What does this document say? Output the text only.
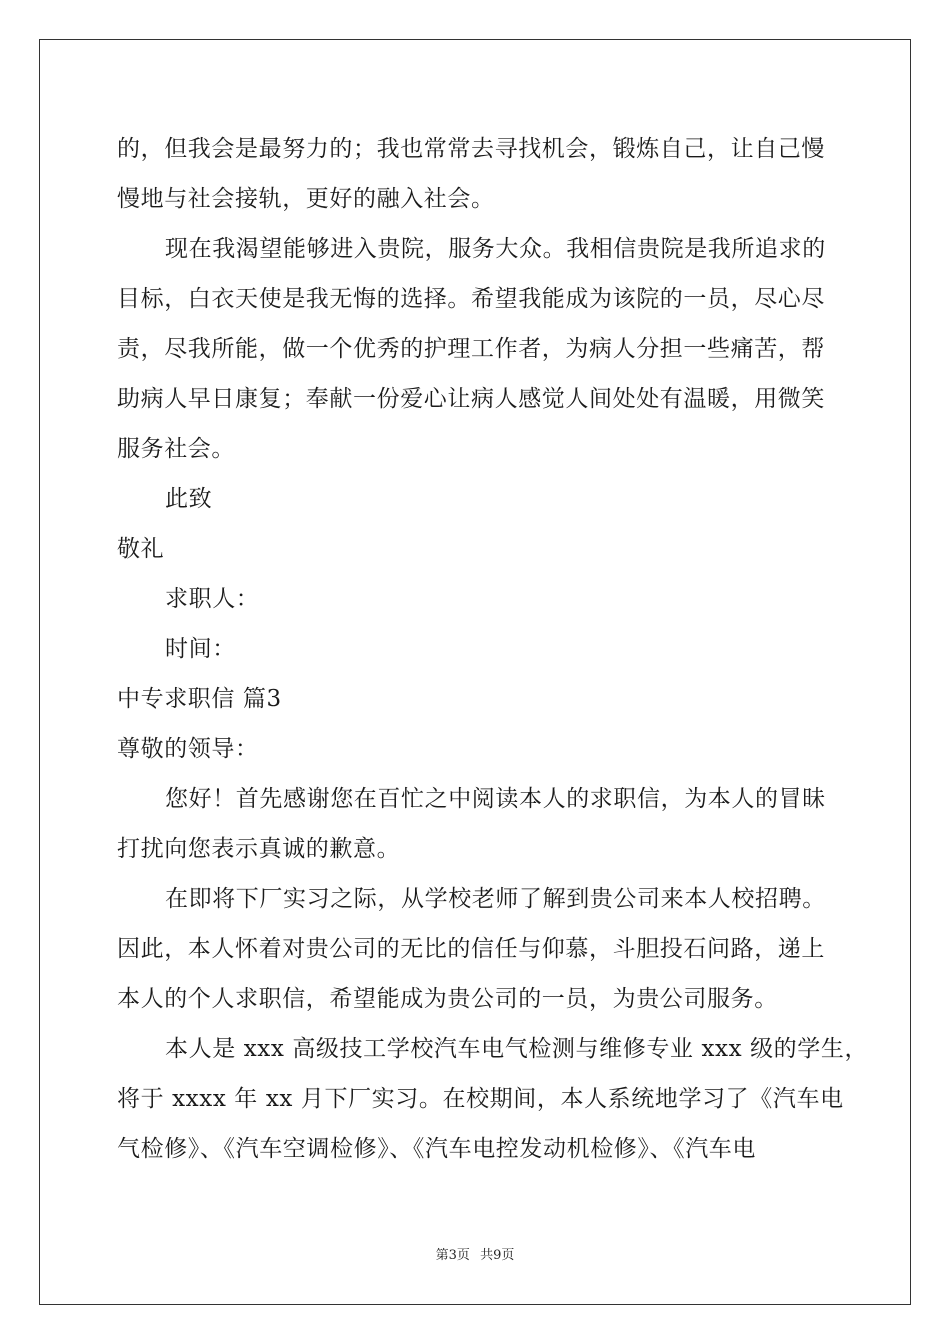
的，但我会是最努力的；我也常常去寻找机会，锻炼自己，让自己慢
慢地与社会接轨，更好的融入社会。
现在我渴望能够进入贵院，服务大众。我相信贵院是我所追求的
目标，白衣天使是我无悔的选择。希望我能成为该院的一员，尽心尽
责，尽我所能，做一个优秀的护理工作者，为病人分担一些痛苦，帮
助病人早日康复；奉献一份爱心让病人感觉人间处处有温暖，用微笑
服务社会。
此致
敬礼
求职人：
时间：
中专求职信 篇3
尊敬的领导：
您好！首先感谢您在百忙之中阅读本人的求职信，为本人的冒昧
打扰向您表示真诚的歉意。
在即将下厂实习之际，从学校老师了解到贵公司来本人校招聘。
因此，本人怀着对贵公司的无比的信任与仰慕，斗胆投石问路，递上
本人的个人求职信，希望能成为贵公司的一员，为贵公司服务。
本人是 xxx 高级技工学校汽车电气检测与维修专业 xxx 级的学生，
将于 xxxx 年 xx 月下厂实习。在校期间，本人系统地学习了《汽车电
气检修》、《汽车空调检修》、《汽车电控发动机检修》、《汽车电
第3页 共9页
